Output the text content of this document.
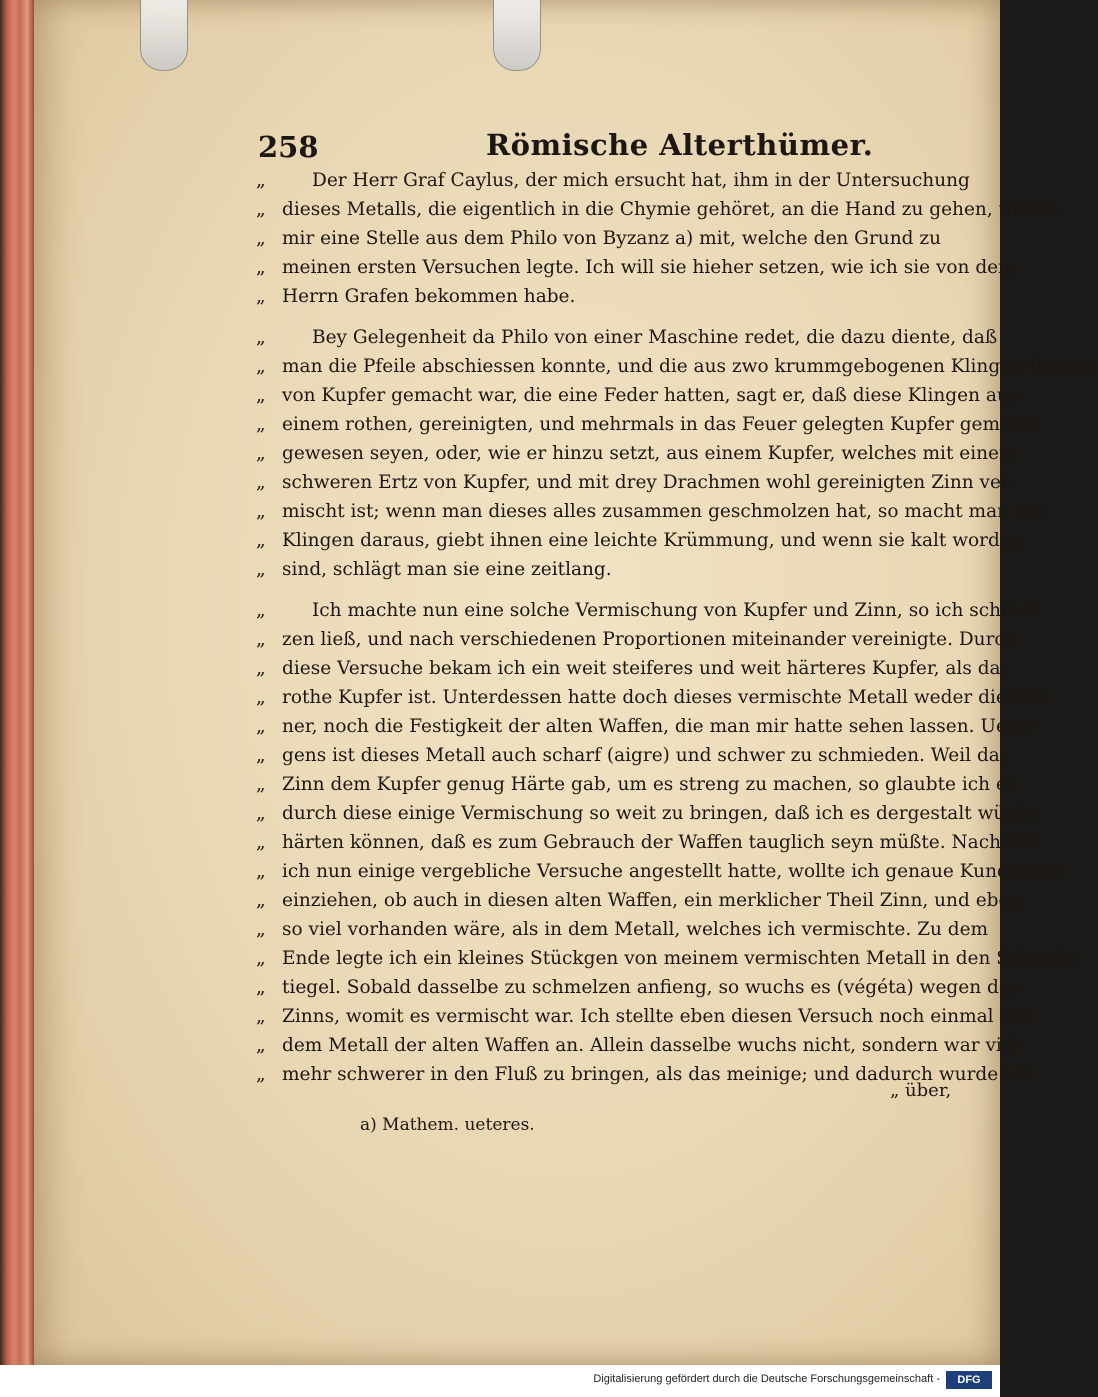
258	Römische Alterthümer.
„	Der Herr Graf Caylus, der mich ersucht hat, ihm in der Untersuchung
„ dieses Metalls, die eigentlich in die Chymie gehöret, an die Hand zu gehen, theilte
„ mir eine Stelle aus dem Philo von Byzanz a) mit, welche den Grund zu
„ meinen ersten Versuchen legte. Ich will sie hieher setzen, wie ich sie von dem
„ Herrn Grafen bekommen habe.
„	Bey Gelegenheit da Philo von einer Maschine redet, die dazu diente, daß
„ man die Pfeile abschiessen konnte, und die aus zwo krummgebogenen Klingen (lames)
„ von Kupfer gemacht war, die eine Feder hatten, sagt er, daß diese Klingen aus
„ einem rothen, gereinigten, und mehrmals in das Feuer gelegten Kupfer gemacht
„ gewesen seyen, oder, wie er hinzu setzt, aus einem Kupfer, welches mit einem
„ schweren Ertz von Kupfer, und mit drey Drachmen wohl gereinigten Zinn ver-
„ mischt ist; wenn man dieses alles zusammen geschmolzen hat, so macht man die
„ Klingen daraus, giebt ihnen eine leichte Krümmung, und wenn sie kalt worden
„ sind, schlägt man sie eine zeitlang.
„	Ich machte nun eine solche Vermischung von Kupfer und Zinn, so ich schmel-
„ zen ließ, und nach verschiedenen Proportionen miteinander vereinigte. Durch
„ diese Versuche bekam ich ein weit steiferes und weit härteres Kupfer, als das
„ rothe Kupfer ist. Unterdessen hatte doch dieses vermischte Metall weder die Kör-
„ ner, noch die Festigkeit der alten Waffen, die man mir hatte sehen lassen. Uebri-
„ gens ist dieses Metall auch scharf (aigre) und schwer zu schmieden. Weil das
„ Zinn dem Kupfer genug Härte gab, um es streng zu machen, so glaubte ich es
„ durch diese einige Vermischung so weit zu bringen, daß ich es dergestalt würde
„ härten können, daß es zum Gebrauch der Waffen tauglich seyn müßte. Nachdem
„ ich nun einige vergebliche Versuche angestellt hatte, wollte ich genaue Kundschaft
„ einziehen, ob auch in diesen alten Waffen, ein merklicher Theil Zinn, und eben
„ so viel vorhanden wäre, als in dem Metall, welches ich vermischte. Zu dem
„ Ende legte ich ein kleines Stückgen von meinem vermischten Metall in den Schmelz-
„ tiegel. Sobald dasselbe zu schmelzen anfieng, so wuchs es (végéta) wegen des
„ Zinns, womit es vermischt war. Ich stellte eben diesen Versuch noch einmal mit
„ dem Metall der alten Waffen an. Allein dasselbe wuchs nicht, sondern war viel-
„ mehr schwerer in den Fluß zu bringen, als das meinige; und dadurch wurde ich
„ über,
a) Mathem. ueteres.
Digitalisierung gefördert durch die Deutsche Forschungsgemeinschaft -	DFG
